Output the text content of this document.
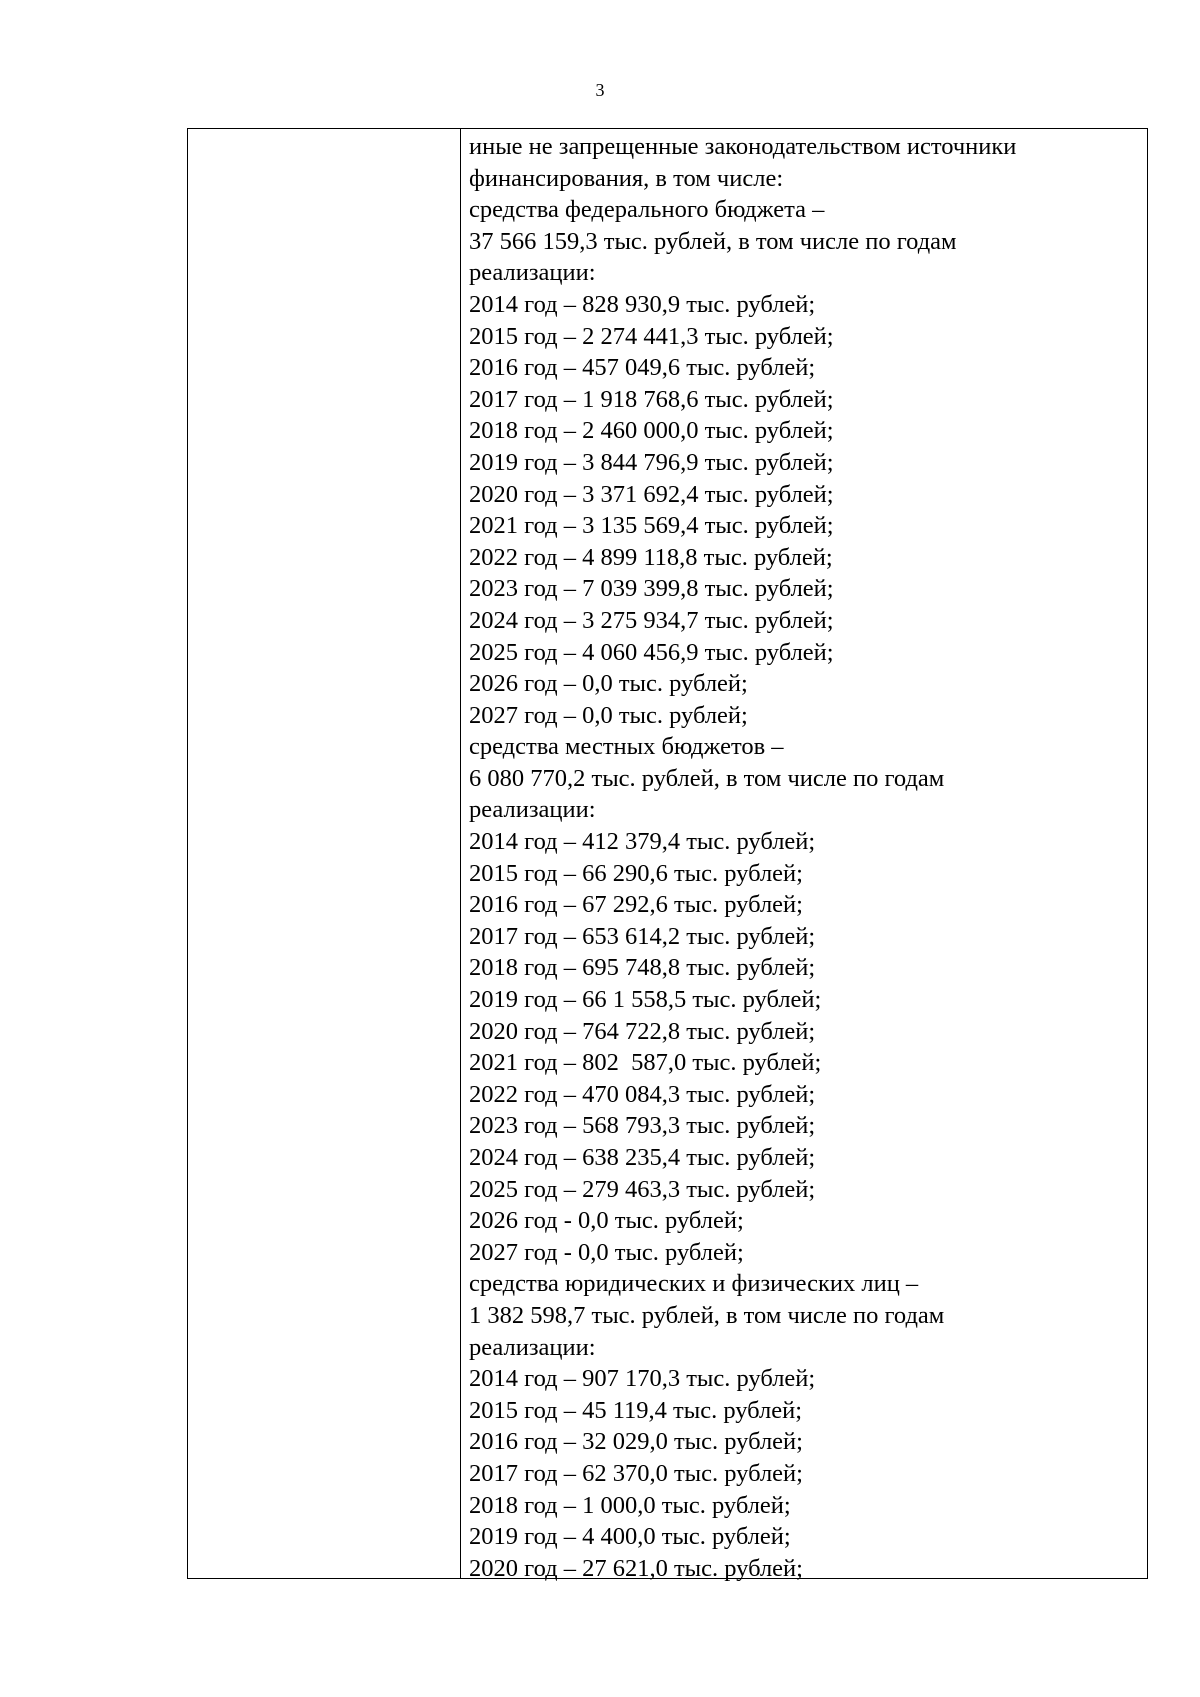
3
иные не запрещенные законодательством источники
финансирования, в том числе:
средства федерального бюджета –
37 566 159,3 тыс. рублей, в том числе по годам
реализации:
2014 год – 828 930,9 тыс. рублей;
2015 год – 2 274 441,3 тыс. рублей;
2016 год – 457 049,6 тыс. рублей;
2017 год – 1 918 768,6 тыс. рублей;
2018 год – 2 460 000,0 тыс. рублей;
2019 год – 3 844 796,9 тыс. рублей;
2020 год – 3 371 692,4 тыс. рублей;
2021 год – 3 135 569,4 тыс. рублей;
2022 год – 4 899 118,8 тыс. рублей;
2023 год – 7 039 399,8 тыс. рублей;
2024 год – 3 275 934,7 тыс. рублей;
2025 год – 4 060 456,9 тыс. рублей;
2026 год – 0,0 тыс. рублей;
2027 год – 0,0 тыс. рублей;
средства местных бюджетов –
6 080 770,2 тыс. рублей, в том числе по годам
реализации:
2014 год – 412 379,4 тыс. рублей;
2015 год – 66 290,6 тыс. рублей;
2016 год – 67 292,6 тыс. рублей;
2017 год – 653 614,2 тыс. рублей;
2018 год – 695 748,8 тыс. рублей;
2019 год – 66 1 558,5 тыс. рублей;
2020 год – 764 722,8 тыс. рублей;
2021 год – 802  587,0 тыс. рублей;
2022 год – 470 084,3 тыс. рублей;
2023 год – 568 793,3 тыс. рублей;
2024 год – 638 235,4 тыс. рублей;
2025 год – 279 463,3 тыс. рублей;
2026 год - 0,0 тыс. рублей;
2027 год - 0,0 тыс. рублей;
средства юридических и физических лиц –
1 382 598,7 тыс. рублей, в том числе по годам
реализации:
2014 год – 907 170,3 тыс. рублей;
2015 год – 45 119,4 тыс. рублей;
2016 год – 32 029,0 тыс. рублей;
2017 год – 62 370,0 тыс. рублей;
2018 год – 1 000,0 тыс. рублей;
2019 год – 4 400,0 тыс. рублей;
2020 год – 27 621,0 тыс. рублей;
